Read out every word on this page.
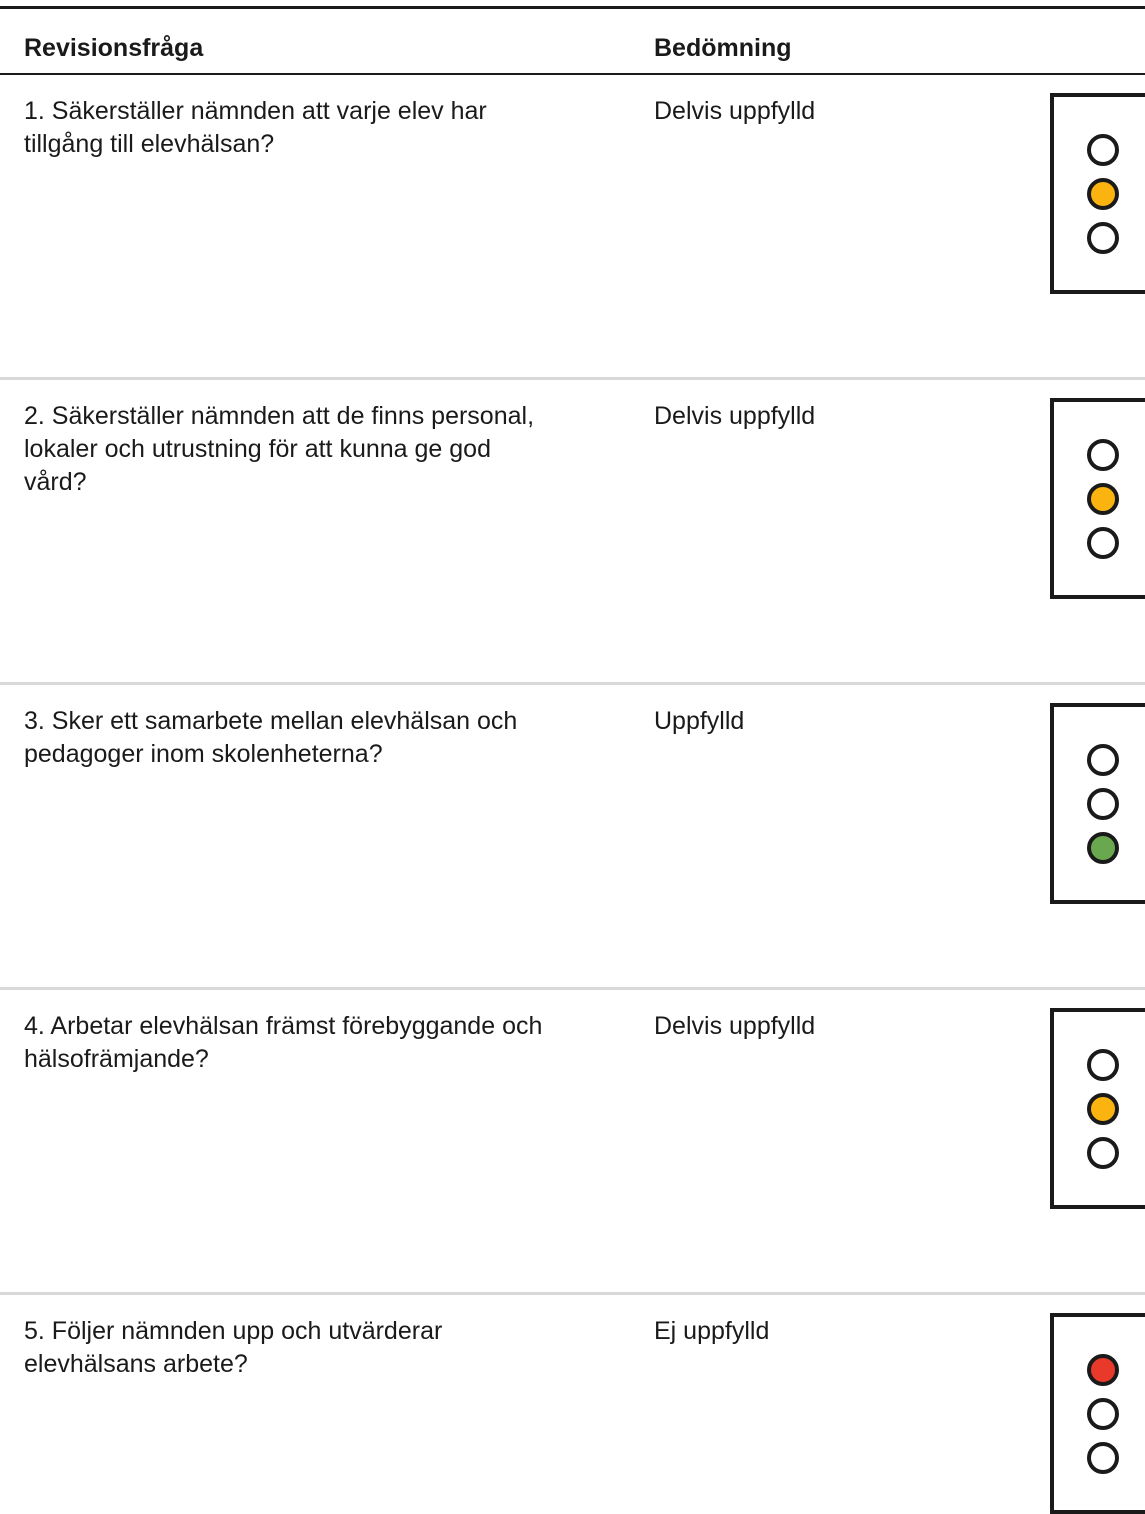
Revisionsfråga	Bedömning
1. Säkerställer nämnden att varje elev har tillgång till elevhälsan?
Delvis uppfylld
2. Säkerställer nämnden att de finns personal, lokaler och utrustning för att kunna ge god vård?
Delvis uppfylld
3. Sker ett samarbete mellan elevhälsan och pedagoger inom skolenheterna?
Uppfylld
4. Arbetar elevhälsan främst förebyggande och hälsofrämjande?
Delvis uppfylld
5. Följer nämnden upp och utvärderar elevhälsans arbete?
Ej uppfylld
